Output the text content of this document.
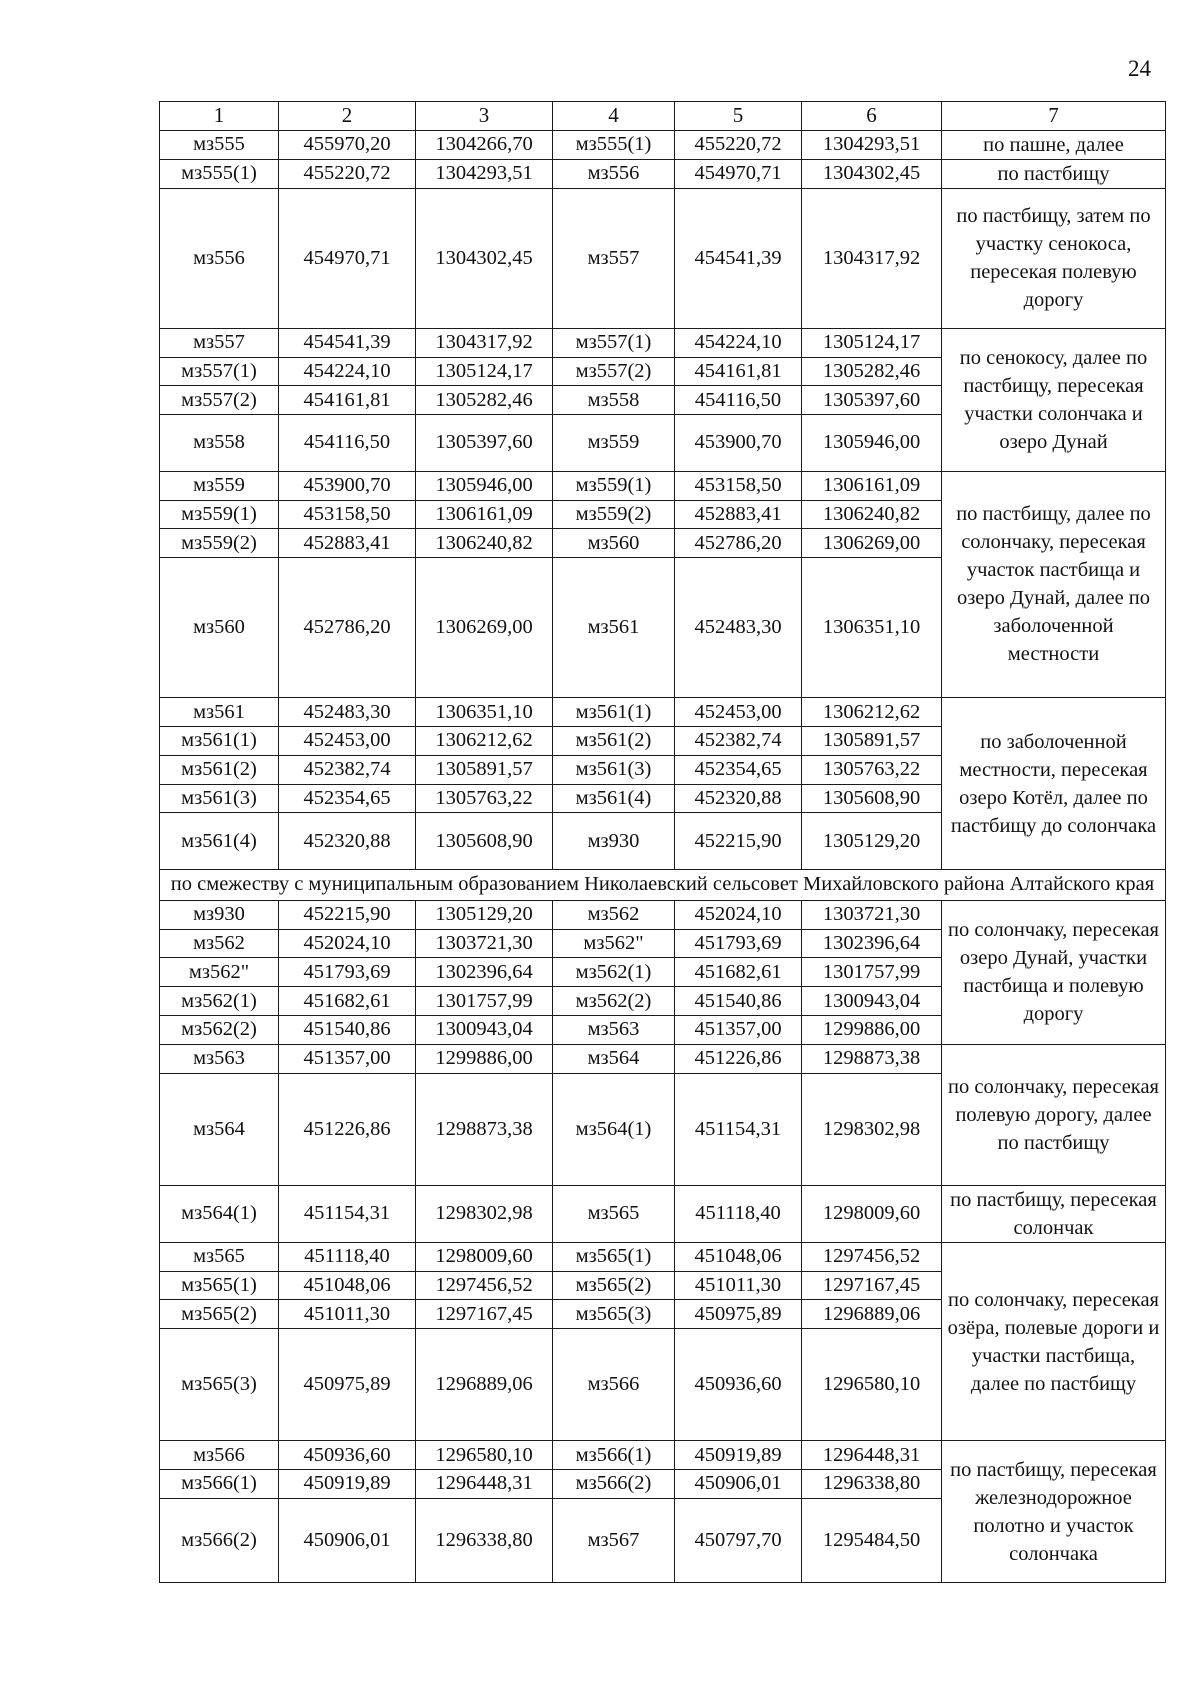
24
1	2	3	4	5	6	7
мз555	455970,20	1304266,70	мз555(1)	455220,72	1304293,51	по пашне, далее
мз555(1)	455220,72	1304293,51	мз556	454970,71	1304302,45	по пастбищу
мз556	454970,71	1304302,45	мз557	454541,39	1304317,92	по пастбищу, затем по участку сенокоса, пересекая полевую дорогу
мз557	454541,39	1304317,92	мз557(1)	454224,10	1305124,17	по сенокосу, далее по пастбищу, пересекая участки солончака и озеро Дунай
мз557(1)	454224,10	1305124,17	мз557(2)	454161,81	1305282,46	
мз557(2)	454161,81	1305282,46	мз558	454116,50	1305397,60	
мз558	454116,50	1305397,60	мз559	453900,70	1305946,00	
мз559	453900,70	1305946,00	мз559(1)	453158,50	1306161,09	по пастбищу, далее по солончаку, пересекая участок пастбища и озеро Дунай, далее по заболоченной местности
мз559(1)	453158,50	1306161,09	мз559(2)	452883,41	1306240,82	
мз559(2)	452883,41	1306240,82	мз560	452786,20	1306269,00	
мз560	452786,20	1306269,00	мз561	452483,30	1306351,10	
мз561	452483,30	1306351,10	мз561(1)	452453,00	1306212,62	по заболоченной местности, пересекая озеро Котёл, далее по пастбищу до солончака
мз561(1)	452453,00	1306212,62	мз561(2)	452382,74	1305891,57	
мз561(2)	452382,74	1305891,57	мз561(3)	452354,65	1305763,22	
мз561(3)	452354,65	1305763,22	мз561(4)	452320,88	1305608,90	
мз561(4)	452320,88	1305608,90	мз930	452215,90	1305129,20	
по смежеству с муниципальным образованием Николаевский сельсовет Михайловского района Алтайского края						
мз930	452215,90	1305129,20	мз562	452024,10	1303721,30	по солончаку, пересекая озеро Дунай, участки пастбища и полевую дорогу
мз562	452024,10	1303721,30	мз562"	451793,69	1302396,64	
мз562"	451793,69	1302396,64	мз562(1)	451682,61	1301757,99	
мз562(1)	451682,61	1301757,99	мз562(2)	451540,86	1300943,04	
мз562(2)	451540,86	1300943,04	мз563	451357,00	1299886,00	
мз563	451357,00	1299886,00	мз564	451226,86	1298873,38	по солончаку, пересекая полевую дорогу, далее по пастбищу
мз564	451226,86	1298873,38	мз564(1)	451154,31	1298302,98	
мз564(1)	451154,31	1298302,98	мз565	451118,40	1298009,60	по пастбищу, пересекая солончак
мз565	451118,40	1298009,60	мз565(1)	451048,06	1297456,52	по солончаку, пересекая озёра, полевые дороги и участки пастбища, далее по пастбищу
мз565(1)	451048,06	1297456,52	мз565(2)	451011,30	1297167,45	
мз565(2)	451011,30	1297167,45	мз565(3)	450975,89	1296889,06	
мз565(3)	450975,89	1296889,06	мз566	450936,60	1296580,10	
мз566	450936,60	1296580,10	мз566(1)	450919,89	1296448,31	по пастбищу, пересекая железнодорожное полотно и участок солончака
мз566(1)	450919,89	1296448,31	мз566(2)	450906,01	1296338,80	
мз566(2)	450906,01	1296338,80	мз567	450797,70	1295484,50	
